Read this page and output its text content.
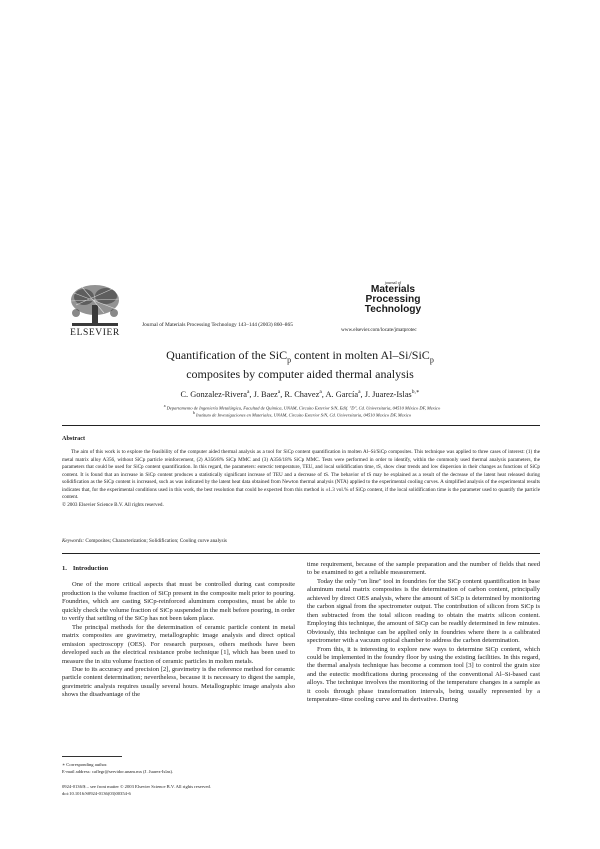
ELSEVIER
Journal of Materials Processing Technology 143–144 (2003) 860–865
journal of
Materials
Processing
Technology
www.elsevier.com/locate/jmatprotec
Quantification of the SiC$_p$ content in molten Al–Si/SiC$_p$
composites by computer aided thermal analysis
C. Gonzalez-Rivera$^a$, J. Baez$^a$, R. Chavez$^a$, A. García$^a$, J. Juarez-Islas$^{b,∗}$
$^a$ Departamento de Ingeniería Metalúrgica, Facultad de Química, UNAM, Circuito Exterior S/N, Edif. "D", Cd. Universitaria, 04510 México DF, Mexico
$^b$ Instituto de Investigaciones en Materiales, UNAM, Circuito Exterior S/N, Cd. Universitaria, 04510 Mexico DF, Mexico
Abstract

The aim of this work is to explore the feasibility of the computer aided thermal analysis as a tool for SiCp content quantification in molten Al–Si/SiCp composites. This technique was applied to three cases of interest: (1) the metal matrix alloy A356, without SiCp particle reinforcement, (2) A356/8% SiCp MMC and (3) A356/18% SiCp MMC. Tests were performed in order to identify, within the commonly used thermal analysis parameters, the parameters that could be used for SiCp content quantification. In this regard, the parameters: eutectic temperature, TEU, and local solidification time, tS, show clear trends and low dispersion in their changes as functions of SiCp content. It is found that an increase in SiCp content produces a statistically significant increase of TEU and a decrease of tS. The behavior of tS may be explained as a result of the decrease of the latent heat released during solidification as the SiCp content is increased, such as was indicated by the latent heat data obtained from Newton thermal analysis (NTA) applied to the experimental cooling curves. A simplified analysis of the experimental results indicates that, for the experimental conditions used in this work, the best resolution that could be expected from this method is ±1.3 vol.% of SiCp content, if the local solidification time is the parameter used to quantify the particle content.

© 2003 Elsevier Science B.V. All rights reserved.

Keywords: Composites; Characterization; Solidification; Cooling curve analysis
1. Introduction

One of the more critical aspects that must be controlled during cast composite production is the volume fraction of SiCp present in the composite melt prior to pouring. Foundries, which are casting SiCp-reinforced aluminum composites, must be able to quickly check the volume fraction of SiCp suspended in the melt before pouring, in order to verify that settling of the SiCp has not been taken place.

The principal methods for the determination of ceramic particle content in metal matrix composites are gravimetry, metallographic image analysis and direct optical emission spectroscopy (OES). For research purposes, others methods have been developed such as the electrical resistance probe technique [1], which has been used to measure the in situ volume fraction of ceramic particles in molten metals.

Due to its accuracy and precision [2], gravimetry is the reference method for ceramic particle content determination; nevertheless, because it is necessary to digest the sample, gravimetric analysis requires usually several hours. Metallographic image analysis also shows the disadvantage of the

time requirement, because of the sample preparation and the number of fields that need to be examined to get a reliable measurement.

Today the only "on line" tool in foundries for the SiCp content quantification in base aluminum metal matrix composites is the determination of carbon content, principally achieved by direct OES analysis, where the amount of SiCp is determined by monitoring the carbon signal from the spectrometer output. The contribution of silicon from SiCp is then subtracted from the total silicon reading to obtain the matrix silicon content. Employing this technique, the amount of SiCp can be readily determined in few minutes. Obviously, this technique can be applied only in foundries where there is a calibrated spectrometer with a vacuum optical chamber to address the carbon determination.

From this, it is interesting to explore new ways to determine SiCp content, which could be implemented in the foundry floor by using the existing facilities. In this regard, the thermal analysis technique has become a common tool [3] to control the grain size and the eutectic modifications during processing of the conventional Al–Si-based cast alloys. The technique involves the monitoring of the temperature changes in a sample as it cools through phase transformation intervals, being usually represented by a temperature–time cooling curve and its derivative. During

∗ Corresponding author.
E-mail address: caflegr@servidor.unam.mx (J. Juarez-Islas).
0924-0136/$ – see front matter © 2003 Elsevier Science B.V. All rights reserved.
doi:10.1016/S0924-0136(03)00354-6
